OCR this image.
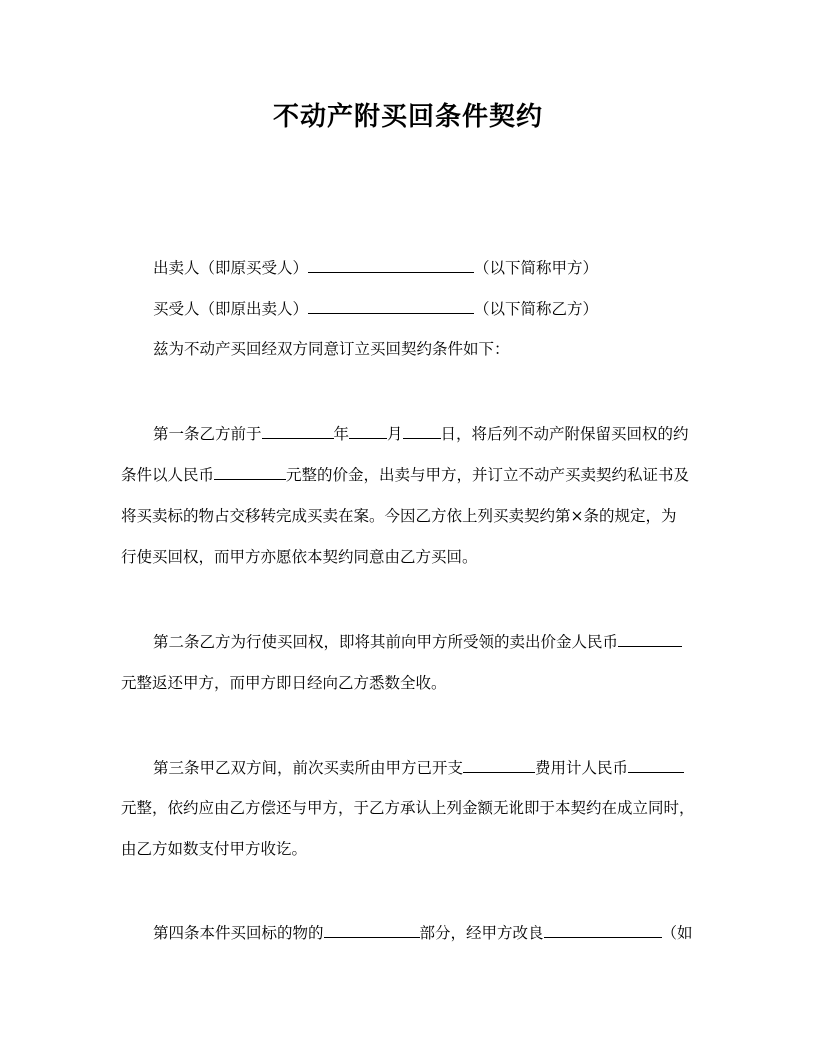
不动产附买回条件契约
出卖人（即原买受人）	（以下简称甲方）
买受人（即原出卖人）	（以下简称乙方）
兹为不动产买回经双方同意订立买回契约条件如下：
第一条乙方前于	年 月 日，将后列不动产附保留买回权的约
条件以人民币	元整的价金，出卖与甲方，并订立不动产买卖契约私证书及
将买卖标的物占交移转完成买卖在案。今因乙方依上列买卖契约第×条的规定，为
行使买回权，而甲方亦愿依本契约同意由乙方买回。
第二条乙方为行使买回权，即将其前向甲方所受领的卖出价金人民币
元整返还甲方，而甲方即日经向乙方悉数全收。
第三条甲乙双方间，前次买卖所由甲方已开支	费用计人民币
元整，依约应由乙方偿还与甲方，于乙方承认上列金额无讹即于本契约在成立同时，
由乙方如数支付甲方收讫。
第四条本件买回标的物的	部分，经甲方改良	（如
